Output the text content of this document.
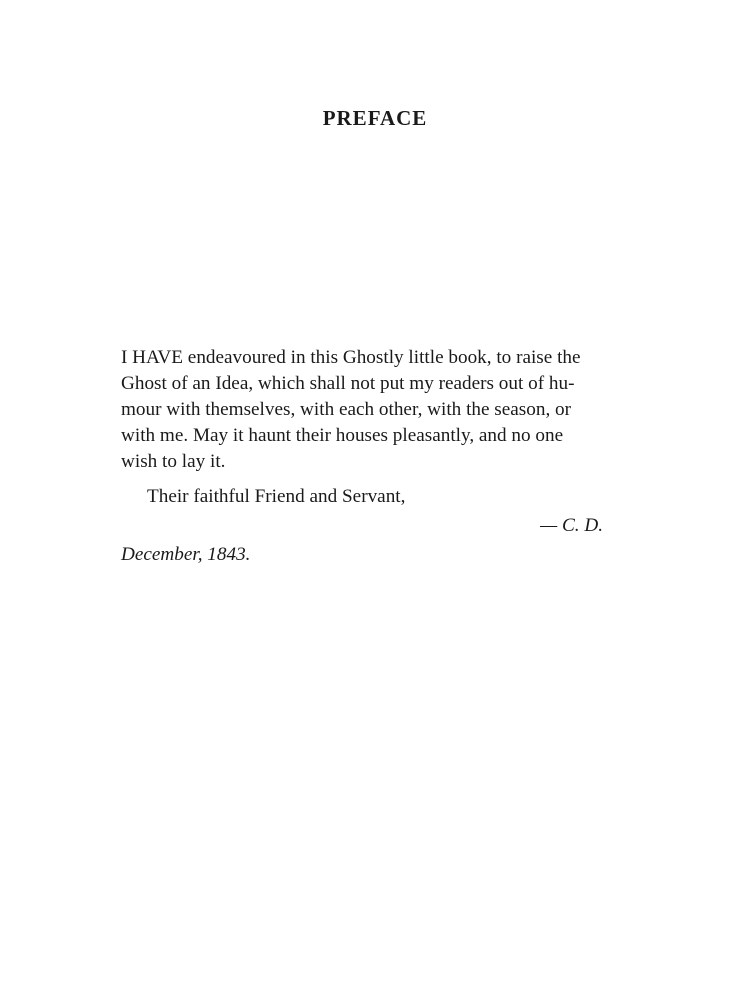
PREFACE

I HAVE endeavoured in this Ghostly little book, to raise the
Ghost of an Idea, which shall not put my readers out of hu-
mour with themselves, with each other, with the season, or
with me. May it haunt their houses pleasantly, and no one
wish to lay it.

Their faithful Friend and Servant,

— C. D.

December, 1843.
